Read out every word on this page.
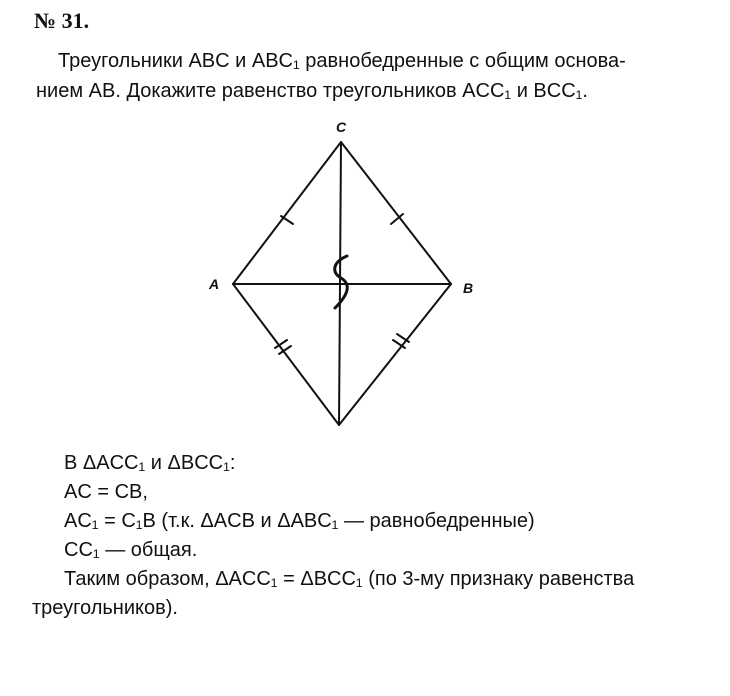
№ 31.
Треугольники ABC и ABC₁ равнобедренные с общим основа-
нием AB. Докажите равенство треугольников ACC₁ и BCC₁.
C
A	B
В ΔACC₁ и ΔBCC₁:
AC = CB,
AC₁ = C₁B (т.к. ΔACB и ΔABC₁ — равнобедренные)
CC₁ — общая.
Таким образом, ΔACC₁ = ΔBCC₁ (по 3-му признаку равенства
треугольников).
